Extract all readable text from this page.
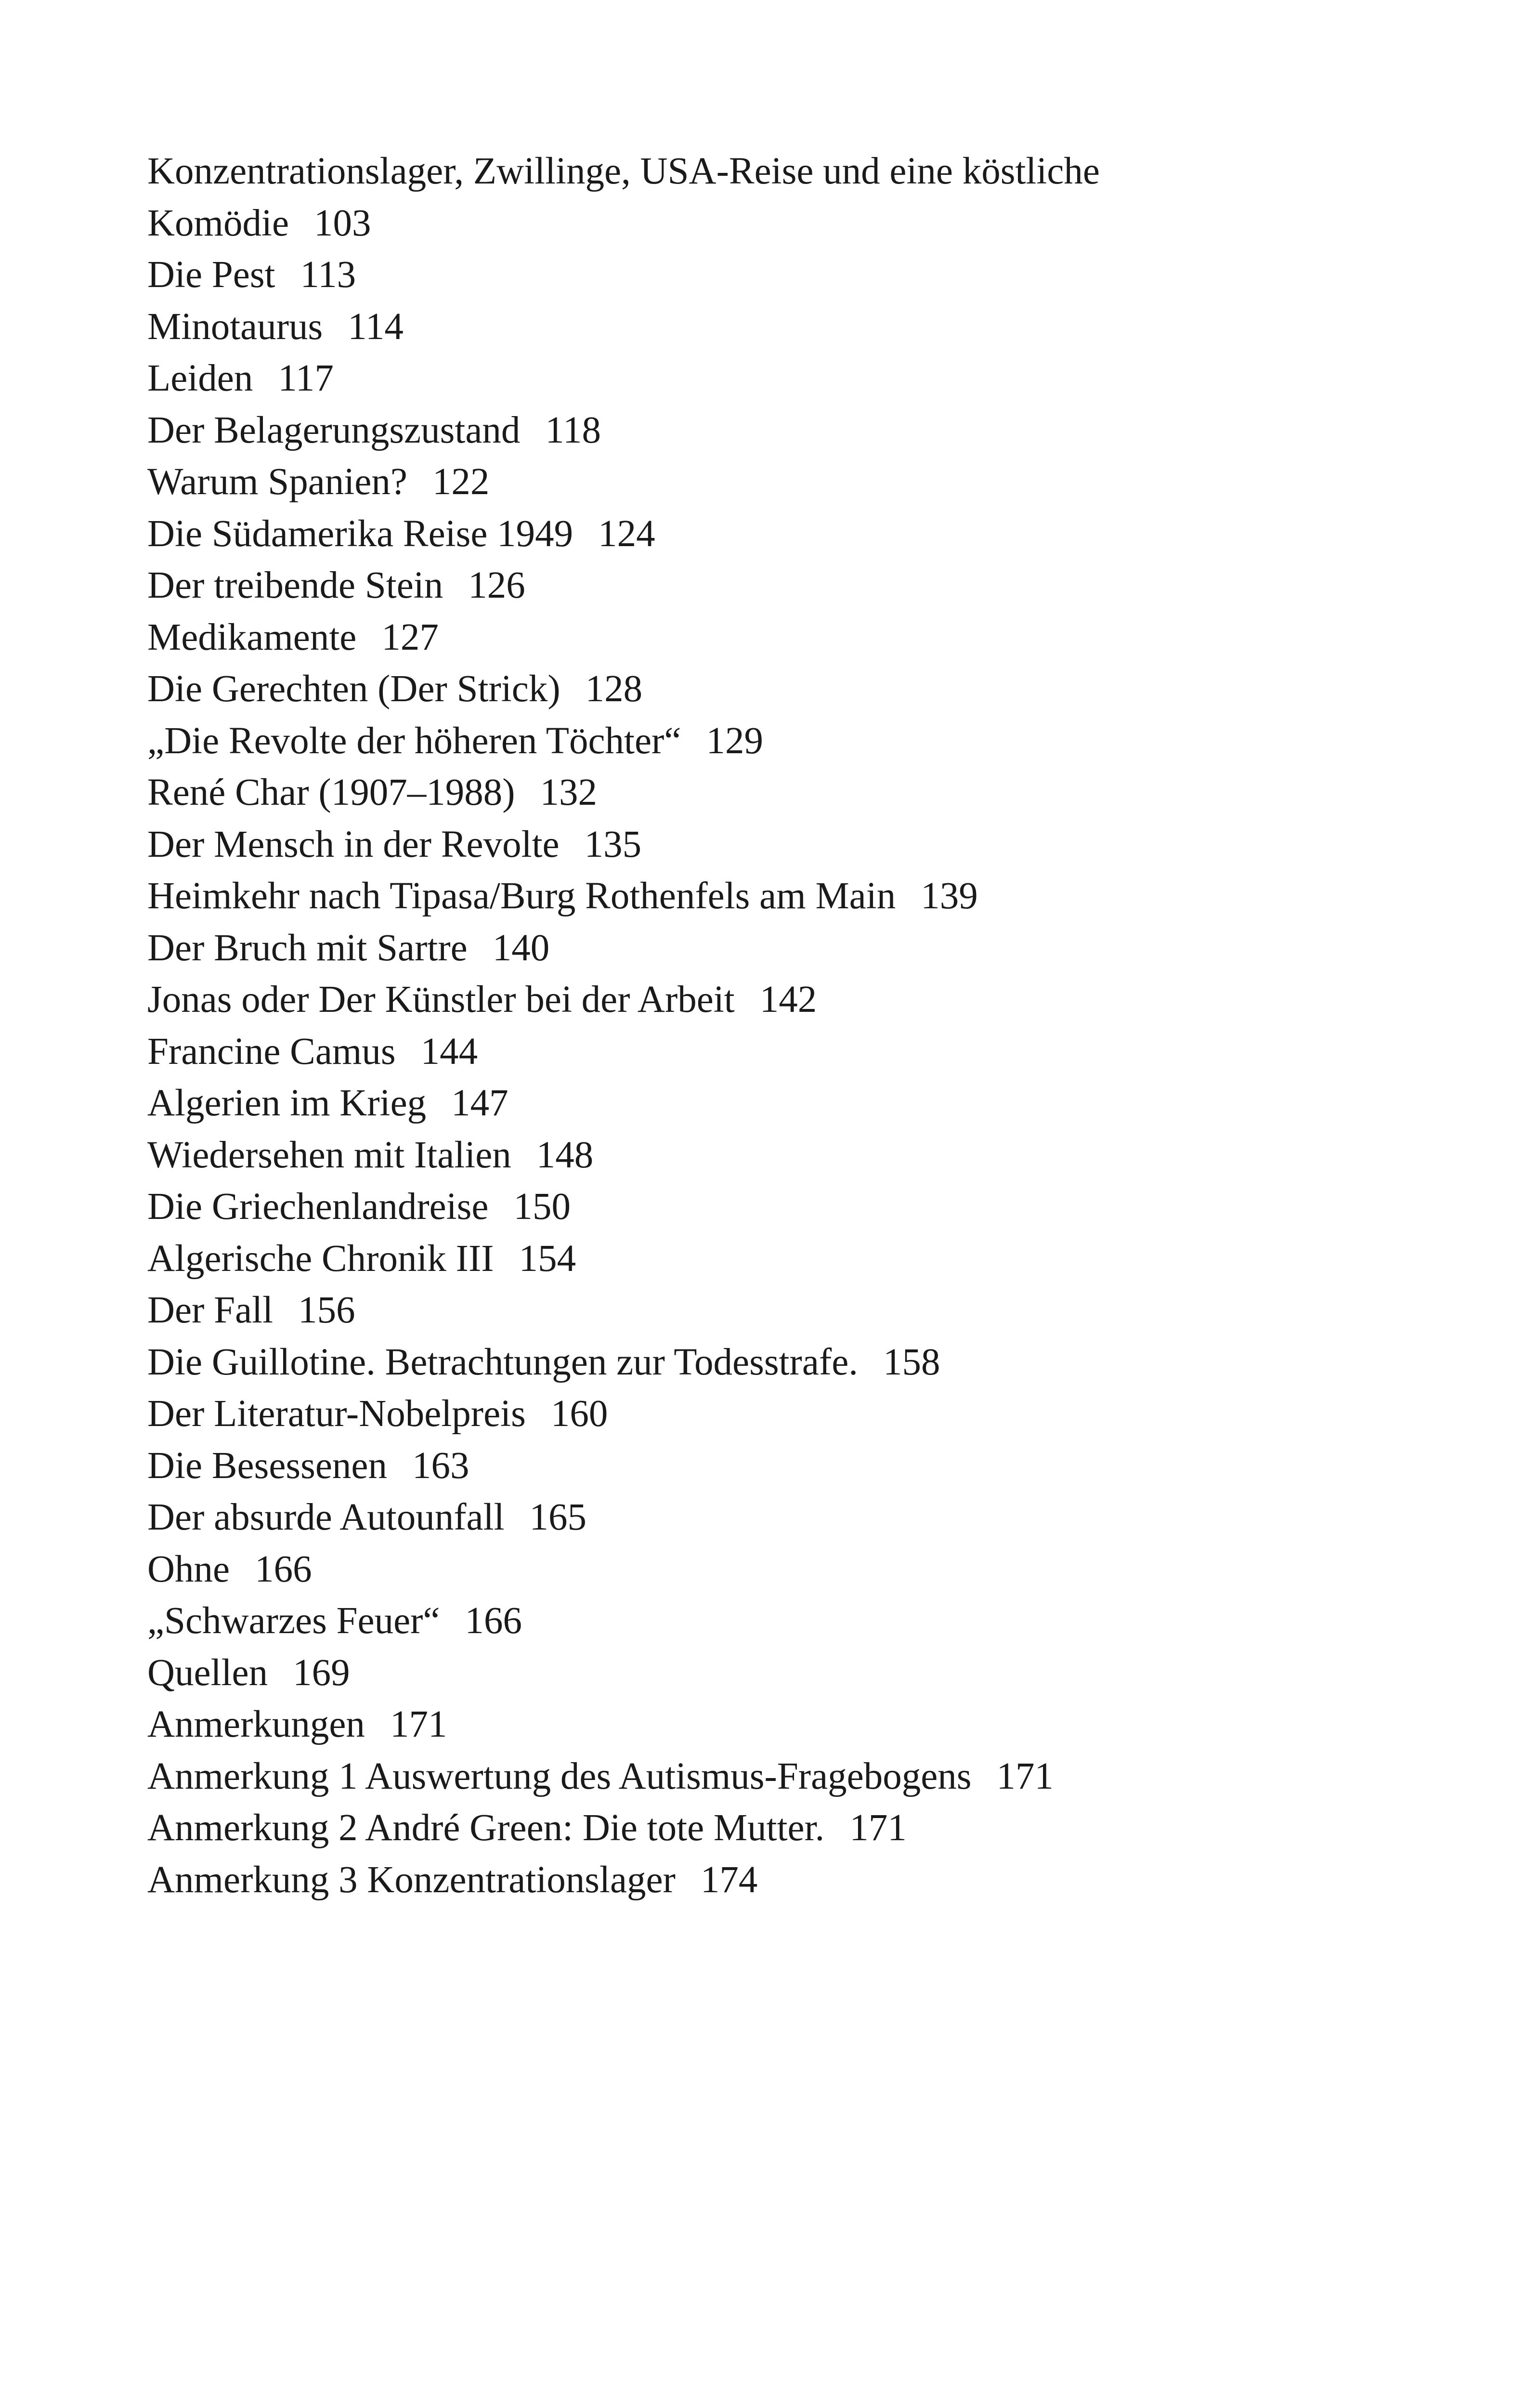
Konzentrationslager, Zwillinge, USA-Reise und eine köstliche
Komödie 103
Die Pest 113
Minotaurus 114
Leiden 117
Der Belagerungszustand 118
Warum Spanien? 122
Die Südamerika Reise 1949 124
Der treibende Stein 126
Medikamente 127
Die Gerechten (Der Strick) 128
„Die Revolte der höheren Töchter“ 129
René Char (1907–1988) 132
Der Mensch in der Revolte 135
Heimkehr nach Tipasa/Burg Rothenfels am Main 139
Der Bruch mit Sartre 140
Jonas oder Der Künstler bei der Arbeit 142
Francine Camus 144
Algerien im Krieg 147
Wiedersehen mit Italien 148
Die Griechenlandreise 150
Algerische Chronik III 154
Der Fall 156
Die Guillotine. Betrachtungen zur Todesstrafe. 158
Der Literatur-Nobelpreis 160
Die Besessenen 163
Der absurde Autounfall 165
Ohne 166
„Schwarzes Feuer“ 166
Quellen 169
Anmerkungen 171
Anmerkung 1 Auswertung des Autismus-Fragebogens 171
Anmerkung 2 André Green: Die tote Mutter. 171
Anmerkung 3 Konzentrationslager 174
